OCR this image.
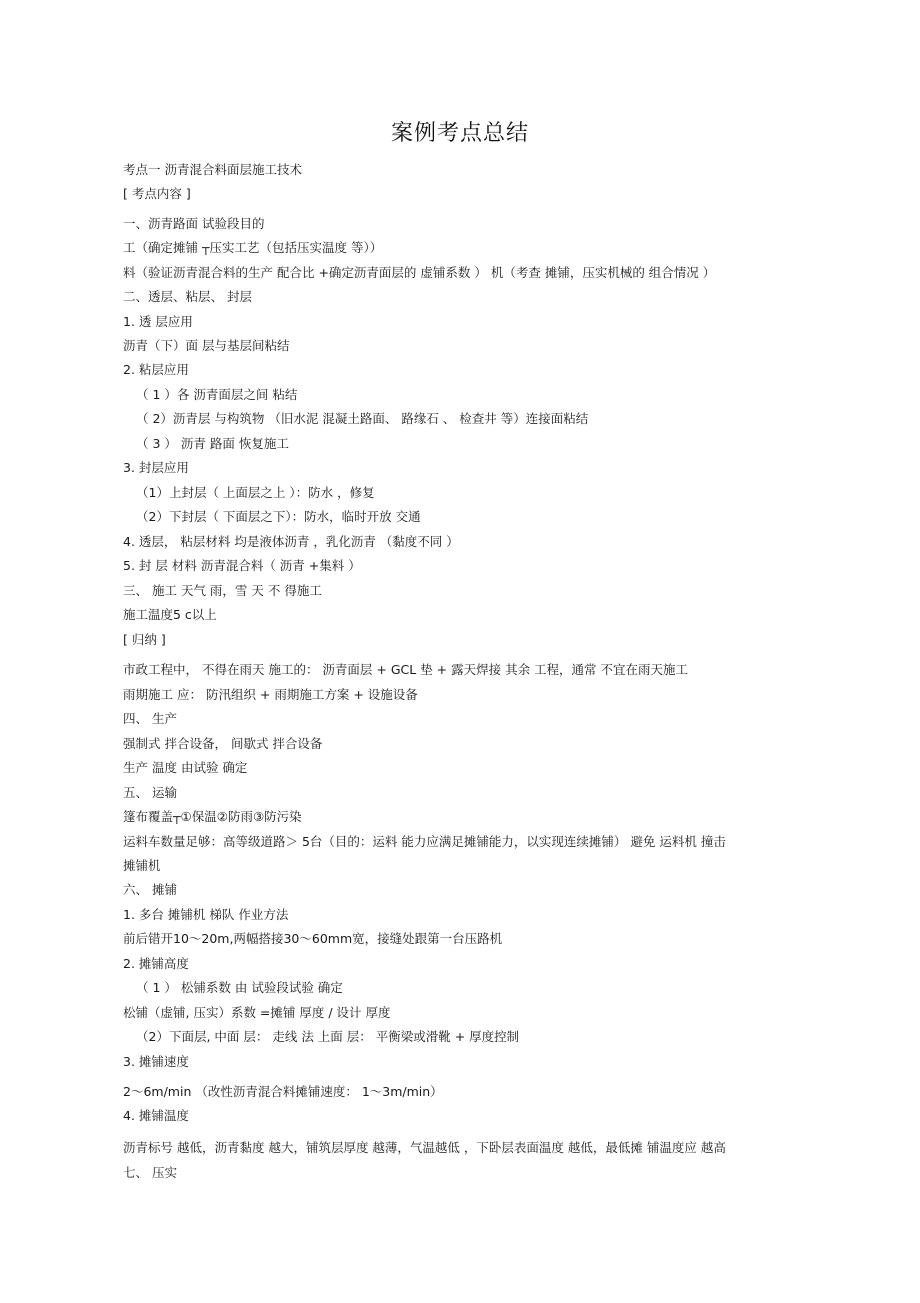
案例考点总结
考点一 沥青混合料面层施工技术
[ 考点内容 ]
一、沥青路面 试验段目的
工（确定摊铺 ┬压实工艺（包括压实温度 等））
料（验证沥青混合料的生产 配合比 +确定沥青面层的 虚铺系数 ） 机（考查 摊铺，压实机械的 组合情况 ）
二、透层、粘层、 封层
1. 透 层应用
沥青（下）面 层与基层间粘结
2. 粘层应用
（ 1 ）各 沥青面层之间 粘结
（ 2）沥青层 与构筑物 （旧水泥 混凝土路面、 路缘石 、 检查井 等）连接面粘结
（ 3 ） 沥青 路面 恢复施工
3. 封层应用
（1）上封层（ 上面层之上 ）：防水 ，修复
（2）下封层（ 下面层之下）：防水，临时开放 交通
4. 透层， 粘层材料 均是液体沥青 ，乳化沥青 （黏度不同 ）
5. 封 层 材料 沥青混合料（ 沥青 +集料 ）
三、 施工 天气 雨，雪 天 不 得施工
施工温度5 c以上
[ 归纳 ]
市政工程中， 不得在雨天 施工的： 沥青面层 + GCL 垫 + 露天焊接 其余 工程，通常 不宜在雨天施工
雨期施工 应： 防汛组织 + 雨期施工方案 + 设施设备
四、 生产
强制式 拌合设备， 间歇式 拌合设备
生产 温度 由试验 确定
五、 运输
篷布覆盖┬①保温②防雨③防污染
运料车数量足够：高等级道路＞ 5台（目的：运料 能力应满足摊铺能力，以实现连续摊铺） 避免 运料机 撞击
摊铺机
六、 摊铺
1. 多台 摊铺机 梯队 作业方法
前后错开10～20m,两幅搭接30～60mm宽，接缝处跟第一台压路机
2. 摊铺高度
（ 1 ） 松铺系数 由 试验段试验 确定
松铺（虚铺, 压实）系数 =摊铺 厚度 / 设计 厚度
（2）下面层, 中面 层： 走线 法 上面 层： 平衡梁或滑靴 + 厚度控制
3. 摊铺速度
2～6m/min （改性沥青混合料摊铺速度： 1～3m/min）
4. 摊铺温度
沥青标号 越低，沥青黏度 越大，铺筑层厚度 越薄，气温越低 ，下卧层表面温度 越低，最低摊 铺温度应 越高
七、 压实
